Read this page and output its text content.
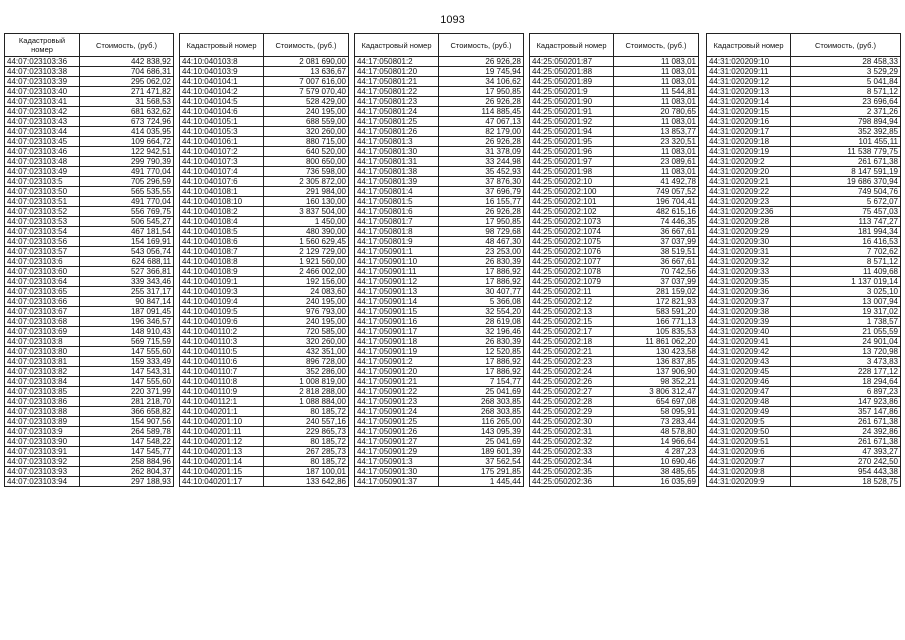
1093
Кадастровый номер	Стоимость, (руб.)
44:07:023103:36	442 838,92
44:07:023103:38	704 686,31
44:07:023103:39	295 062,02
44:07:023103:40	271 471,82
44:07:023103:41	31 568,53
44:07:023103:42	681 632,62
44:07:023103:43	673 724,96
44:07:023103:44	414 035,95
44:07:023103:45	109 664,72
44:07:023103:46	122 942,51
44:07:023103:48	299 790,39
44:07:023103:49	491 770,04
44:07:023103:5	705 296,59
44:07:023103:50	565 535,55
44:07:023103:51	491 770,04
44:07:023103:52	556 769,75
44:07:023103:53	506 545,27
44:07:023103:54	467 181,54
44:07:023103:56	154 169,91
44:07:023103:57	543 056,74
44:07:023103:6	624 688,11
44:07:023103:60	527 366,81
44:07:023103:64	339 343,46
44:07:023103:65	255 317,17
44:07:023103:66	90 847,14
44:07:023103:67	187 091,45
44:07:023103:68	196 346,57
44:07:023103:69	148 910,43
44:07:023103:8	569 715,59
44:07:023103:80	147 555,60
44:07:023103:81	159 333,49
44:07:023103:82	147 543,31
44:07:023103:84	147 555,60
44:07:023103:85	220 371,99
44:07:023103:86	281 218,70
44:07:023103:88	366 658,82
44:07:023103:89	154 907,56
44:07:023103:9	264 589,78
44:07:023103:90	147 548,22
44:07:023103:91	147 545,77
44:07:023103:92	258 884,96
44:07:023103:93	262 804,37
44:07:023103:94	297 188,93
Кадастровый номер	Стоимость, (руб.)
44:10:040103:8	2 081 690,00
44:10:040103:9	13 636,67
44:10:040104:1	7 007 616,00
44:10:040104:2	7 579 070,40
44:10:040104:5	528 429,00
44:10:040104:6	240 195,00
44:10:040105:1	688 559,00
44:10:040105:3	320 260,00
44:10:040106:1	880 715,00
44:10:040107:2	640 520,00
44:10:040107:3	800 650,00
44:10:040107:4	736 598,00
44:10:040107:6	2 305 872,00
44:10:040108:1	291 984,00
44:10:040108:10	160 130,00
44:10:040108:2	3 837 504,00
44:10:040108:4	1 450,00
44:10:040108:5	480 390,00
44:10:040108:6	1 560 629,45
44:10:040108:7	2 129 729,00
44:10:040108:8	1 921 560,00
44:10:040108:9	2 466 002,00
44:10:040109:1	192 156,00
44:10:040109:3	24 083,60
44:10:040109:4	240 195,00
44:10:040109:5	976 793,00
44:10:040109:6	240 195,00
44:10:040110:2	720 585,00
44:10:040110:3	320 260,00
44:10:040110:5	432 351,00
44:10:040110:6	896 728,00
44:10:040110:7	352 286,00
44:10:040110:8	1 008 819,00
44:10:040110:9	2 818 288,00
44:10:040112:1	1 088 884,00
44:10:040201:1	80 185,72
44:10:040201:10	240 557,16
44:10:040201:11	229 865,73
44:10:040201:12	80 185,72
44:10:040201:13	267 285,73
44:10:040201:14	80 185,72
44:10:040201:15	187 100,01
44:10:040201:17	133 642,86
Кадастровый номер	Стоимость, (руб.)
44:17:050801:2	26 926,28
44:17:050801:20	19 745,94
44:17:050801:21	34 106,62
44:17:050801:22	17 950,85
44:17:050801:23	26 926,28
44:17:050801:24	114 885,45
44:17:050801:25	47 067,13
44:17:050801:26	82 179,00
44:17:050801:3	26 926,28
44:17:050801:30	31 378,09
44:17:050801:31	33 244,98
44:17:050801:38	35 452,93
44:17:050801:39	37 876,30
44:17:050801:4	37 696,79
44:17:050801:5	16 155,77
44:17:050801:6	26 926,28
44:17:050801:7	17 950,85
44:17:050801:8	98 729,68
44:17:050801:9	48 467,30
44:17:050901:1	23 253,00
44:17:050901:10	26 830,39
44:17:050901:11	17 886,92
44:17:050901:12	17 886,92
44:17:050901:13	30 407,77
44:17:050901:14	5 366,08
44:17:050901:15	32 554,20
44:17:050901:16	28 619,08
44:17:050901:17	32 196,46
44:17:050901:18	26 830,39
44:17:050901:19	12 520,85
44:17:050901:2	17 886,92
44:17:050901:20	17 886,92
44:17:050901:21	7 154,77
44:17:050901:22	25 041,69
44:17:050901:23	268 303,85
44:17:050901:24	268 303,85
44:17:050901:25	116 265,00
44:17:050901:26	143 095,39
44:17:050901:27	25 041,69
44:17:050901:29	189 601,39
44:17:050901:3	37 562,54
44:17:050901:30	175 291,85
44:17:050901:37	1 445,44
Кадастровый номер	Стоимость, (руб.)
44:25:050201:87	11 083,01
44:25:050201:88	11 083,01
44:25:050201:89	11 083,01
44:25:050201:9	11 544,81
44:25:050201:90	11 083,01
44:25:050201:91	20 780,65
44:25:050201:92	11 083,01
44:25:050201:94	13 853,77
44:25:050201:95	23 320,51
44:25:050201:96	11 083,01
44:25:050201:97	23 089,61
44:25:050201:98	11 083,01
44:25:050202:10	41 492,78
44:25:050202:100	749 057,52
44:25:050202:101	196 704,41
44:25:050202:102	482 615,16
44:25:050202:1073	74 446,35
44:25:050202:1074	36 667,61
44:25:050202:1075	37 037,99
44:25:050202:1076	38 519,51
44:25:050202:1077	36 667,61
44:25:050202:1078	70 742,56
44:25:050202:1079	37 037,99
44:25:050202:11	281 159,02
44:25:050202:12	172 821,93
44:25:050202:13	583 591,20
44:25:050202:15	166 771,13
44:25:050202:17	105 835,53
44:25:050202:18	11 861 062,20
44:25:050202:21	130 423,58
44:25:050202:23	136 837,85
44:25:050202:24	137 906,90
44:25:050202:26	98 352,21
44:25:050202:27	3 806 312,47
44:25:050202:28	654 697,08
44:25:050202:29	58 095,91
44:25:050202:30	73 283,44
44:25:050202:31	48 578,80
44:25:050202:32	14 966,64
44:25:050202:33	4 287,23
44:25:050202:34	10 690,46
44:25:050202:35	38 485,65
44:25:050202:36	16 035,69
Кадастровый номер	Стоимость, (руб.)
44:31:020209:10	28 458,33
44:31:020209:11	3 529,29
44:31:020209:12	5 041,84
44:31:020209:13	8 571,12
44:31:020209:14	23 696,64
44:31:020209:15	2 371,26
44:31:020209:16	798 894,94
44:31:020209:17	352 392,85
44:31:020209:18	101 455,11
44:31:020209:19	11 538 779,75
44:31:020209:2	261 671,38
44:31:020209:20	8 147 591,19
44:31:020209:21	19 686 370,94
44:31:020209:22	749 504,76
44:31:020209:23	5 672,07
44:31:020209:236	75 457,03
44:31:020209:28	113 747,27
44:31:020209:29	181 994,34
44:31:020209:30	16 416,53
44:31:020209:31	7 702,62
44:31:020209:32	8 571,12
44:31:020209:33	11 409,68
44:31:020209:35	1 137 019,14
44:31:020209:36	3 025,10
44:31:020209:37	13 007,94
44:31:020209:38	19 317,02
44:31:020209:39	1 738,57
44:31:020209:40	21 055,59
44:31:020209:41	24 901,04
44:31:020209:42	13 720,98
44:31:020209:43	3 473,83
44:31:020209:45	228 177,12
44:31:020209:46	18 294,64
44:31:020209:47	6 897,23
44:31:020209:48	147 923,86
44:31:020209:49	357 147,86
44:31:020209:5	261 671,38
44:31:020209:50	24 392,86
44:31:020209:51	261 671,38
44:31:020209:6	47 393,27
44:31:020209:7	270 242,50
44:31:020209:8	954 443,38
44:31:020209:9	18 528,75
